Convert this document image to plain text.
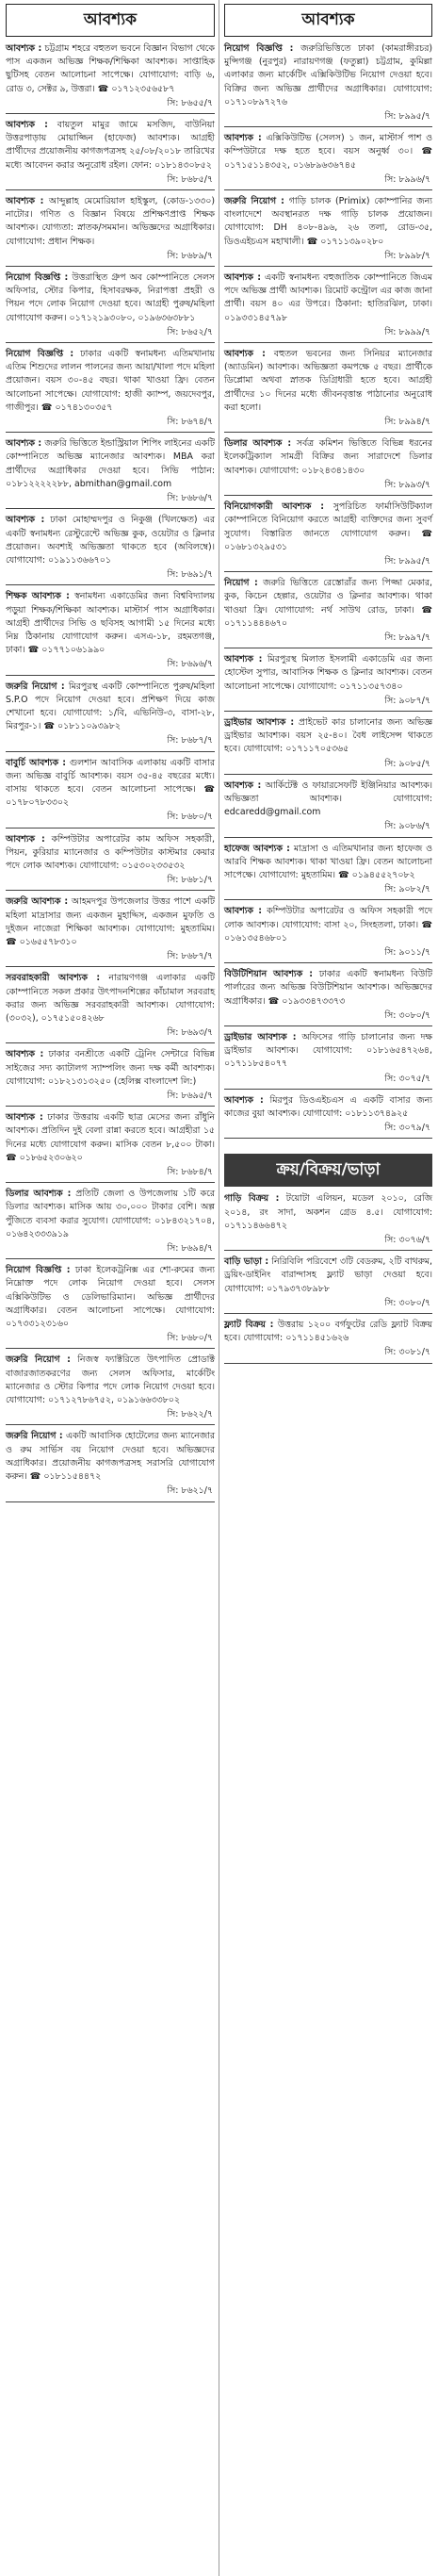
আবশ্যক
আবশ্যক : চট্টগ্রাম শহরে বহুতল ভবনে বিজ্ঞান বিভাগ থেকে পাস একজন অভিজ্ঞ শিক্ষক/শিক্ষিকা আবশ্যক। সাপ্তাহিক ছুটিসহ বেতন আলোচনা সাপেক্ষে। যোগাযোগ: বাড়ি ৬, রোড ৩, সেক্টর ৯, উত্তরা। ☎ ০১৭১২৩৫৬৫৮৭
সি: ৮৬৫৫/৭
আবশ্যক : বায়তুল মামুর জামে মসজিদ, বাউনিয়া উত্তরপাড়ায় মোয়াজ্জিন (হাফেজ) আবশ্যক। আগ্রহী প্রার্থীদের প্রয়োজনীয় কাগজপত্রসহ ২৫/০৮/২০১৮ তারিখের মধ্যে আবেদন করার অনুরোধ রইল। ফোন: ০১৮১৪৩০৮৫২
সি: ৮৬৮৫/৭
আবশ্যক : আব্দুল্লাহ মেমোরিয়াল হাইস্কুল, (কোড-১৩৩০) নাটোর। গণিত ও বিজ্ঞান বিষয়ে প্রশিক্ষণপ্রাপ্ত শিক্ষক আবশ্যক। যোগ্যতা: স্নাতক/সমমান। অভিজ্ঞদের অগ্রাধিকার। যোগাযোগ: প্রধান শিক্ষক।
সি: ৮৬৮৯/৭
নিয়োগ বিজ্ঞপ্তি : উত্তরাস্থিত গ্রুপ অব কোম্পানিতে সেলস অফিসার, স্টোর কিপার, হিসাবরক্ষক, নিরাপত্তা প্রহরী ও পিয়ন পদে লোক নিয়োগ দেওয়া হবে। আগ্রহী পুরুষ/মহিলা যোগাযোগ করুন। ০১৭১২১৯৩০৮০, ০১৯৬৩৬৩৮৮১
সি: ৮৬৫২/৭
নিয়োগ বিজ্ঞপ্তি : ঢাকার একটি স্বনামধন্য এতিমখানায় এতিম শিশুদের লালন পালনের জন্য আয়া/খালা পদে মহিলা প্রয়োজন। বয়স ৩০-৪৫ বছর। থাকা খাওয়া ফ্রি। বেতন আলোচনা সাপেক্ষে। যোগাযোগ: হাজী ক্যাম্প, জয়দেবপুর, গাজীপুর। ☎ ০১৭৪১৩০৩৫৭
সি: ৮৬৭৪/৭
আবশ্যক : জরুরি ভিত্তিতে ইন্ডাস্ট্রিয়াল শিপিং লাইনের একটি কোম্পানিতে অভিজ্ঞ ম্যানেজার আবশ্যক। MBA করা প্রার্থীদের অগ্রাধিকার দেওয়া হবে। সিভি পাঠান: ০১৮১২২২২২৮৮, abmithan@gmail.com
সি: ৮৬৮৬/৭
আবশ্যক : ঢাকা মোহাম্মদপুর ও নিকুঞ্জ (খিলক্ষেত) এর একটি স্বনামধন্য রেস্টুরেন্টে অভিজ্ঞ কুক, ওয়েটার ও ক্লিনার প্রয়োজন। অবশ্যই অভিজ্ঞতা থাকতে হবে (অবিলম্বে)। যোগাযোগ: ০১৯১১৩৬৬৭০১
সি: ৮৬৯১/৭
শিক্ষক আবশ্যক : স্বনামধন্য একাডেমির জন্য বিশ্ববিদ্যালয় পড়ুয়া শিক্ষক/শিক্ষিকা আবশ্যক। মাস্টার্স পাস অগ্রাধিকার। আগ্রহী প্রার্থীদের সিভি ও ছবিসহ আগামী ১৫ দিনের মধ্যে নিম্ন ঠিকানায় যোগাযোগ করুন। এসএ-১৮, রহমতগঞ্জ, ঢাকা। ☎ ০১৭৭১০৬১৯৯০
সি: ৮৬৯৬/৭
জরুরি নিয়োগ : মিরপুরস্থ একটি কোম্পানিতে পুরুষ/মহিলা S.P.O পদে নিয়োগ দেওয়া হবে। প্রশিক্ষণ দিয়ে কাজ শেখানো হবে। যোগাযোগ: ১/বি, এভিনিউ-৩, বাসা-২৮, মিরপুর-১। ☎ ০১৮১১০৯৩৯৮২
সি: ৮৬৮৭/৭
বাবুর্চি আবশ্যক : গুলশান আবাসিক এলাকায় একটি বাসার জন্য অভিজ্ঞ বাবুর্চি আবশ্যক। বয়স ৩৫-৪৫ বছরের মধ্যে। বাসায় থাকতে হবে। বেতন আলোচনা সাপেক্ষে। ☎ ০১৭৮০৭৮৩৩০২
সি: ৮৬৮০/৭
আবশ্যক : কম্পিউটার অপারেটর কাম অফিস সহকারী, পিয়ন, কুরিয়ার ম্যানেজার ও কম্পিউটার কাস্টমার কেয়ার পদে লোক আবশ্যক। যোগাযোগ: ০১৫৩০২৩৩৫৩২
সি: ৮৬৮১/৭
জরুরি আবশ্যক : আহমদপুর উপজেলার উত্তর পাশে একটি মহিলা মাদ্রাসার জন্য একজন মুহাদ্দিস, একজন মুফতি ও দুইজন নাজেরা শিক্ষিকা আবশ্যক। যোগাযোগ: মুহতামিম। ☎ ০১৬৫৫৭৮৩১০
সি: ৮৬৮৭/৭
সরবরাহকারী আবশ্যক : নারায়ণগঞ্জ এলাকার একটি কোম্পানিতে সকল প্রকার উৎপাদনশিল্পের কাঁচামাল সরবরাহ করার জন্য অভিজ্ঞ সরবরাহকারী আবশ্যক। যোগাযোগ: (৩০৩২), ০১৭৫১৫০৪২৬৮
সি: ৮৬৯৩/৭
আবশ্যক : ঢাকার বনশ্রীতে একটি ট্রেনিং সেন্টারে বিভিন্ন সাইজের সদ্য ক্যাটালগ স্যাম্পলিং জন্য দক্ষ কর্মী আবশ্যক। যোগাযোগ: ০১৮২১৩১৩২৫০ (হেলিক্স বাংলাদেশ লি:)
সি: ৮৬৯৫/৭
আবশ্যক : ঢাকার উত্তরায় একটি ছাত্র মেসের জন্য রাঁধুনি আবশ্যক। প্রতিদিন দুই বেলা রান্না করতে হবে। আগ্রহীরা ১৫ দিনের মধ্যে যোগাযোগ করুন। মাসিক বেতন ৮,৫০০ টাকা। ☎ ০১৮৬৫২৩০৬২০
সি: ৮৬৮৪/৭
ডিলার আবশ্যক : প্রতিটি জেলা ও উপজেলায় ১টি করে ডিলার আবশ্যক। মাসিক আয় ৩০,০০০ টাকার বেশি। অল্প পুঁজিতে ব্যবসা করার সুযোগ। যোগাযোগ: ০১৮৪৩২১৭০৪, ০১৬৪২৩৩৩৯১৯
সি: ৮৬৯৪/৭
নিয়োগ বিজ্ঞপ্তি : ঢাকা ইলেকট্রনিক্স এর শো-রুমের জন্য নিম্নোক্ত পদে লোক নিয়োগ দেওয়া হবে। সেলস এক্সিকিউটিভ ও ডেলিভারিম্যান। অভিজ্ঞ প্রার্থীদের অগ্রাধিকার। বেতন আলোচনা সাপেক্ষে। যোগাযোগ: ০১৭৩৩১২৩১৬০
সি: ৮৬৮০/৭
জরুরি নিয়োগ : নিজস্ব ফ্যাক্টরিতে উৎপাদিত প্রোডাক্ট বাজারজাতকরণের জন্য সেলস অফিসার, মার্কেটিং ম্যানেজার ও স্টোর কিপার পদে লোক নিয়োগ দেওয়া হবে। যোগাযোগ: ০১৭১২৭৮৬৭৫২, ০১৯১৬৬৩৩৮০২
সি: ৮৬২২/৭
জরুরি নিয়োগ : একটি আবাসিক হোটেলের জন্য ম্যানেজার ও রুম সার্ভিস বয় নিয়োগ দেওয়া হবে। অভিজ্ঞদের অগ্রাধিকার। প্রয়োজনীয় কাগজপত্রসহ সরাসরি যোগাযোগ করুন। ☎ ০১৮১১৫৪৪৭২
সি: ৮৬২১/৭
আবশ্যক
নিয়োগ বিজ্ঞপ্তি : জরুরিভিত্তিতে ঢাকা (কামরাঙ্গীরচর) মুন্সিগঞ্জ (নুরপুর) নারায়ণগঞ্জ (ফতুল্লা) চট্টগ্রাম, কুমিল্লা এলাকার জন্য মার্কেটিং এক্সিকিউটিভ নিয়োগ দেওয়া হবে। বিক্রির জন্য অভিজ্ঞ প্রার্থীদের অগ্রাধিকার। যোগাযোগ: ০১৭১০৮৯৭২৭৬
সি: ৮৯৯৫/৭
আবশ্যক : এক্সিকিউটিভ (সেলস) ১ জন, মাস্টার্স পাশ ও কম্পিউটারে দক্ষ হতে হবে। বয়স অনুর্ধ্ব ৩০। ☎ ০১৭১৫১১৪৩৫২, ০১৬৮৯৬৩৬৭৪৫
সি: ৮৯৯৬/৭
জরুরি নিয়োগ : গাড়ি চালক (Primix) কোম্পানির জন্য বাংলাদেশে অবস্থানরত দক্ষ গাড়ি চালক প্রয়োজন। যোগাযোগ: DH ৪০৮-৪৯৬, ২৬ তলা, রোড-৩৫, ডিওএইচএস মহাখালী। ☎ ০১৭১১৩৯০২৮০
সি: ৮৯৯৮/৭
আবশ্যক : একটি স্বনামধন্য বহুজাতিক কোম্পানিতে জিএম পদে অভিজ্ঞ প্রার্থী আবশ্যক। রিমোট কন্ট্রোল এর কাজ জানা প্রার্থী। বয়স ৪০ এর উপরে। ঠিকানা: হাতিরঝিল, ঢাকা। ০১৯৩৩১৪৫৭৯৮
সি: ৮৯৯৯/৭
আবশ্যক : বহুতল ভবনের জন্য সিনিয়র ম্যানেজার (অ্যাডমিন) আবশ্যক। অভিজ্ঞতা কমপক্ষে ৫ বছর। প্রার্থীকে ডিপ্লোমা অথবা স্নাতক ডিগ্রিধারী হতে হবে। আগ্রহী প্রার্থীদের ১০ দিনের মধ্যে জীবনবৃত্তান্ত পাঠানোর অনুরোধ করা হলো।
সি: ৮৯৯৪/৭
ডিলার আবশ্যক : সর্বত্র কমিশন ভিত্তিতে বিভিন্ন ধরনের ইলেকট্রিক্যাল সামগ্রী বিক্রির জন্য সারাদেশে ডিলার আবশ্যক। যোগাযোগ: ০১৮২৪৩৪১৪৩০
সি: ৮৯৯৩/৭
বিনিয়োগকারী আবশ্যক : সুপরিচিত ফার্মাসিউটিক্যাল কোম্পানিতে বিনিয়োগ করতে আগ্রহী ব্যক্তিদের জন্য সুবর্ণ সুযোগ। বিস্তারিত জানতে যোগাযোগ করুন। ☎ ০১৬৮১৩২৯৫৩১
সি: ৮৯৯৫/৭
নিয়োগ : জরুরি ভিত্তিতে রেস্তোরাঁর জন্য পিজ্জা মেকার, কুক, কিচেন হেল্পার, ওয়েটার ও ক্লিনার আবশ্যক। থাকা খাওয়া ফ্রি। যোগাযোগ: নর্থ সাউথ রোড, ঢাকা। ☎ ০১৭১১৪৪৪৬৭০
সি: ৮৯৯৭/৭
আবশ্যক : মিরপুরস্থ মিলাত ইসলামী একাডেমি এর জন্য হোস্টেল সুপার, আবাসিক শিক্ষক ও ক্লিনার আবশ্যক। বেতন আলোচনা সাপেক্ষে। যোগাযোগ: ০১৭১১৩৫৭৩৪০
সি: ৯০৮৭/৭
ড্রাইভার আবশ্যক : প্রাইভেট কার চালানোর জন্য অভিজ্ঞ ড্রাইভার আবশ্যক। বয়স ২৫-৪০। বৈধ লাইসেন্স থাকতে হবে। যোগাযোগ: ০১৭১১৭০৫৩৬৫
সি: ৯০৮৫/৭
আবশ্যক : আর্কিটেক্ট ও ফায়ারসেফটি ইঞ্জিনিয়ার আবশ্যক। অভিজ্ঞতা আবশ্যক। যোগাযোগ: edcaredd@gmail.com
সি: ৯০৮৬/৭
হাফেজ আবশ্যক : মাদ্রাসা ও এতিমখানার জন্য হাফেজ ও আরবি শিক্ষক আবশ্যক। থাকা খাওয়া ফ্রি। বেতন আলোচনা সাপেক্ষে। যোগাযোগ: মুহতামিম। ☎ ০১৯৪৫৫২৭০৮২
সি: ৯০৮২/৭
আবশ্যক : কম্পিউটার অপারেটর ও অফিস সহকারী পদে লোক আবশ্যক। যোগাযোগ: বাসা ২০, সিংহতলা, ঢাকা। ☎ ০১৬১৩৫৪৬৮০১
সি: ৯০১১/৭
বিউটিশিয়ান আবশ্যক : ঢাকার একটি স্বনামধন্য বিউটি পার্লারের জন্য অভিজ্ঞ বিউটিশিয়ান আবশ্যক। অভিজ্ঞদের অগ্রাধিকার। ☎ ০১৯৩৩৪৭৩৩৭৩
সি: ৩০৮০/৭
ড্রাইভার আবশ্যক : অফিসের গাড়ি চালানোর জন্য দক্ষ ড্রাইভার আবশ্যক। যোগাযোগ: ০১৮১৬৫৪৭২৬৪, ০১৭১১৮৫৪০৭৭
সি: ৩০৭৫/৭
আবশ্যক : মিরপুর ডিওএইচএস এ একটি বাসার জন্য কাজের বুয়া আবশ্যক। যোগাযোগ: ০১৮১১৩৭৪৯২৫
সি: ৩০৭৯/৭
ক্রয়/বিক্রয়/ভাড়া
গাড়ি বিক্রয় : টয়োটা এলিয়ন, মডেল ২০১০, রেজি ২০১৪, রং সাদা, অকশন গ্রেড ৪.৫। যোগাযোগ: ০১৭১১৪৬৬৪৭২
সি: ৩০৭৬/৭
বাড়ি ভাড়া : নিরিবিলি পরিবেশে ৩টি বেডরুম, ২টি বাথরুম, ড্রয়িং-ডাইনিং বারান্দাসহ ফ্ল্যাট ভাড়া দেওয়া হবে। যোগাযোগ: ০১৭৯৩৭৩৮৯৮৮
সি: ৩০৮০/৭
ফ্ল্যাট বিক্রয় : উত্তরায় ১২০০ বর্গফুটের রেডি ফ্ল্যাট বিক্রয় হবে। যোগাযোগ: ০১৭১১৪৫১৬২৬
সি: ৩০৮১/৭
